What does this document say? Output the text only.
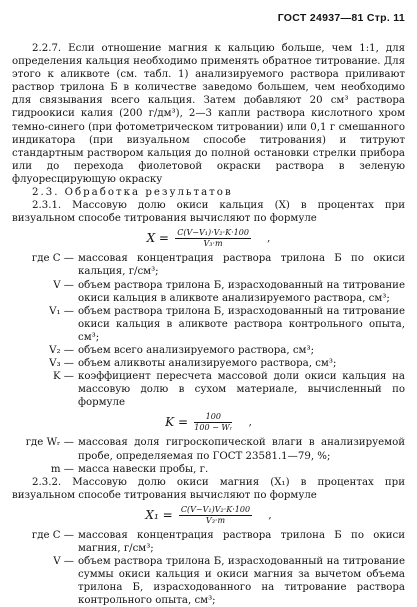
ГОСТ 24937—81 Стр. 11

2.2.7. Если отношение магния к кальцию больше, чем 1:1, для определения кальция необходимо применять обратное титрование. Для этого к аликвоте (см. табл. 1) анализируемого раствора приливают раствор трилона Б в количестве заведомо большем, чем необходимо для связывания всего кальция. Затем добавляют 20 см³ раствора гидроокиси калия (200 г/дм³), 2—3 капли раствора кислотного хром темно-синего (при фотометрическом титровании) или 0,1 г смешанного индикатора (при визуальном способе титрования) и титруют стандартным раствором кальция до полной остановки стрелки прибора или до перехода фиолетовой окраски раствора в зеленую флуоресцирующую окраску

2.3. Обработка результатов

2.3.1. Массовую долю окиси кальция (X) в процентах при визуальном способе титрования вычисляют по формуле

$X = \frac{\text{C(V−V₁)·V₂·K·100}}{\text{V₃·m}}$ ,
где C —	массовая концентрация раствора трилона Б по окиси кальция, г/см³;
V —	объем раствора трилона Б, израсходованный на титрование окиси кальция в аликвоте анализируемого раствора, см³;
V₁ —	объем раствора трилона Б, израсходованный на титрование окиси кальция в аликвоте раствора контрольного опыта, см³;
V₂ —	объем всего анализируемого раствора, см³;
V₃ —	объем аликвоты анализируемого раствора, см³;
K —	коэффициент пересчета массовой доли окиси кальция на массовую долю в сухом материале, вычисленный по формуле
$K = \frac{100}{\text{100 − Wᵣ}}$ ,
где Wᵣ —	массовая доля гигроскопической влаги в анализируемой пробе, определяемая по ГОСТ 23581.1—79, %;
m —	масса навески пробы, г.

2.3.2. Массовую долю окиси магния (X₁) в процентах при визуальном способе титрования вычисляют по формуле

$X_1 = \frac{\text{C(V−V₁)V₂·K·100}}{\text{V₃·m}}$ ,
где C —	массовая концентрация раствора трилона Б по окиси магния, г/см³;
V —	объем раствора трилона Б, израсходованный на титрование суммы окиси кальция и окиси магния за вычетом объема трилона Б, израсходованного на титрование раствора контрольного опыта, см³;
